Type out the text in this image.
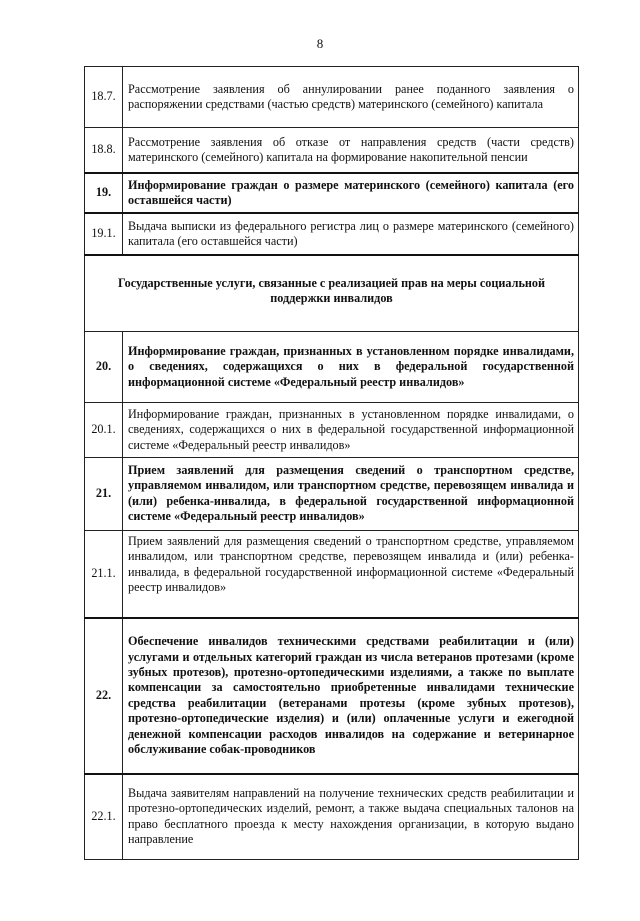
8
18.7.	Рассмотрение заявления об аннулировании ранее поданного заявления о распоряжении средствами (частью средств) материнского (семейного) капитала
18.8.	Рассмотрение заявления об отказе от направления средств (части средств) материнского (семейного) капитала на формирование накопительной пенсии
19.	Информирование граждан о размере материнского (семейного) капитала (его оставшейся части)
19.1.	Выдача выписки из федерального регистра лиц о размере материнского (семейного) капитала (его оставшейся части)
Государственные услуги, связанные с реализацией прав на меры социальной поддержки инвалидов	
20.	Информирование граждан, признанных в установленном порядке инвалидами, о сведениях, содержащихся о них в федеральной государственной информационной системе «Федеральный реестр инвалидов»
20.1.	Информирование граждан, признанных в установленном порядке инвалидами, о сведениях, содержащихся о них в федеральной государственной информационной системе «Федеральный реестр инвалидов»
21.	Прием заявлений для размещения сведений о транспортном средстве, управляемом инвалидом, или транспортном средстве, перевозящем инвалида и (или) ребенка-инвалида, в федеральной государственной информационной системе «Федеральный реестр инвалидов»
21.1.	Прием заявлений для размещения сведений о транспортном средстве, управляемом инвалидом, или транспортном средстве, перевозящем инвалида и (или) ребенка-инвалида, в федеральной государственной информационной системе «Федеральный реестр инвалидов»
22.	Обеспечение инвалидов техническими средствами реабилитации и (или) услугами и отдельных категорий граждан из числа ветеранов протезами (кроме зубных протезов), протезно-ортопедическими изделиями, а также по выплате компенсации за самостоятельно приобретенные инвалидами технические средства реабилитации (ветеранами протезы (кроме зубных протезов), протезно-ортопедические изделия) и (или) оплаченные услуги и ежегодной денежной компенсации расходов инвалидов на содержание и ветеринарное обслуживание собак-проводников
22.1.	Выдача заявителям направлений на получение технических средств реабилитации и протезно-ортопедических изделий, ремонт, а также выдача специальных талонов на право бесплатного проезда к месту нахождения организации, в которую выдано направление
